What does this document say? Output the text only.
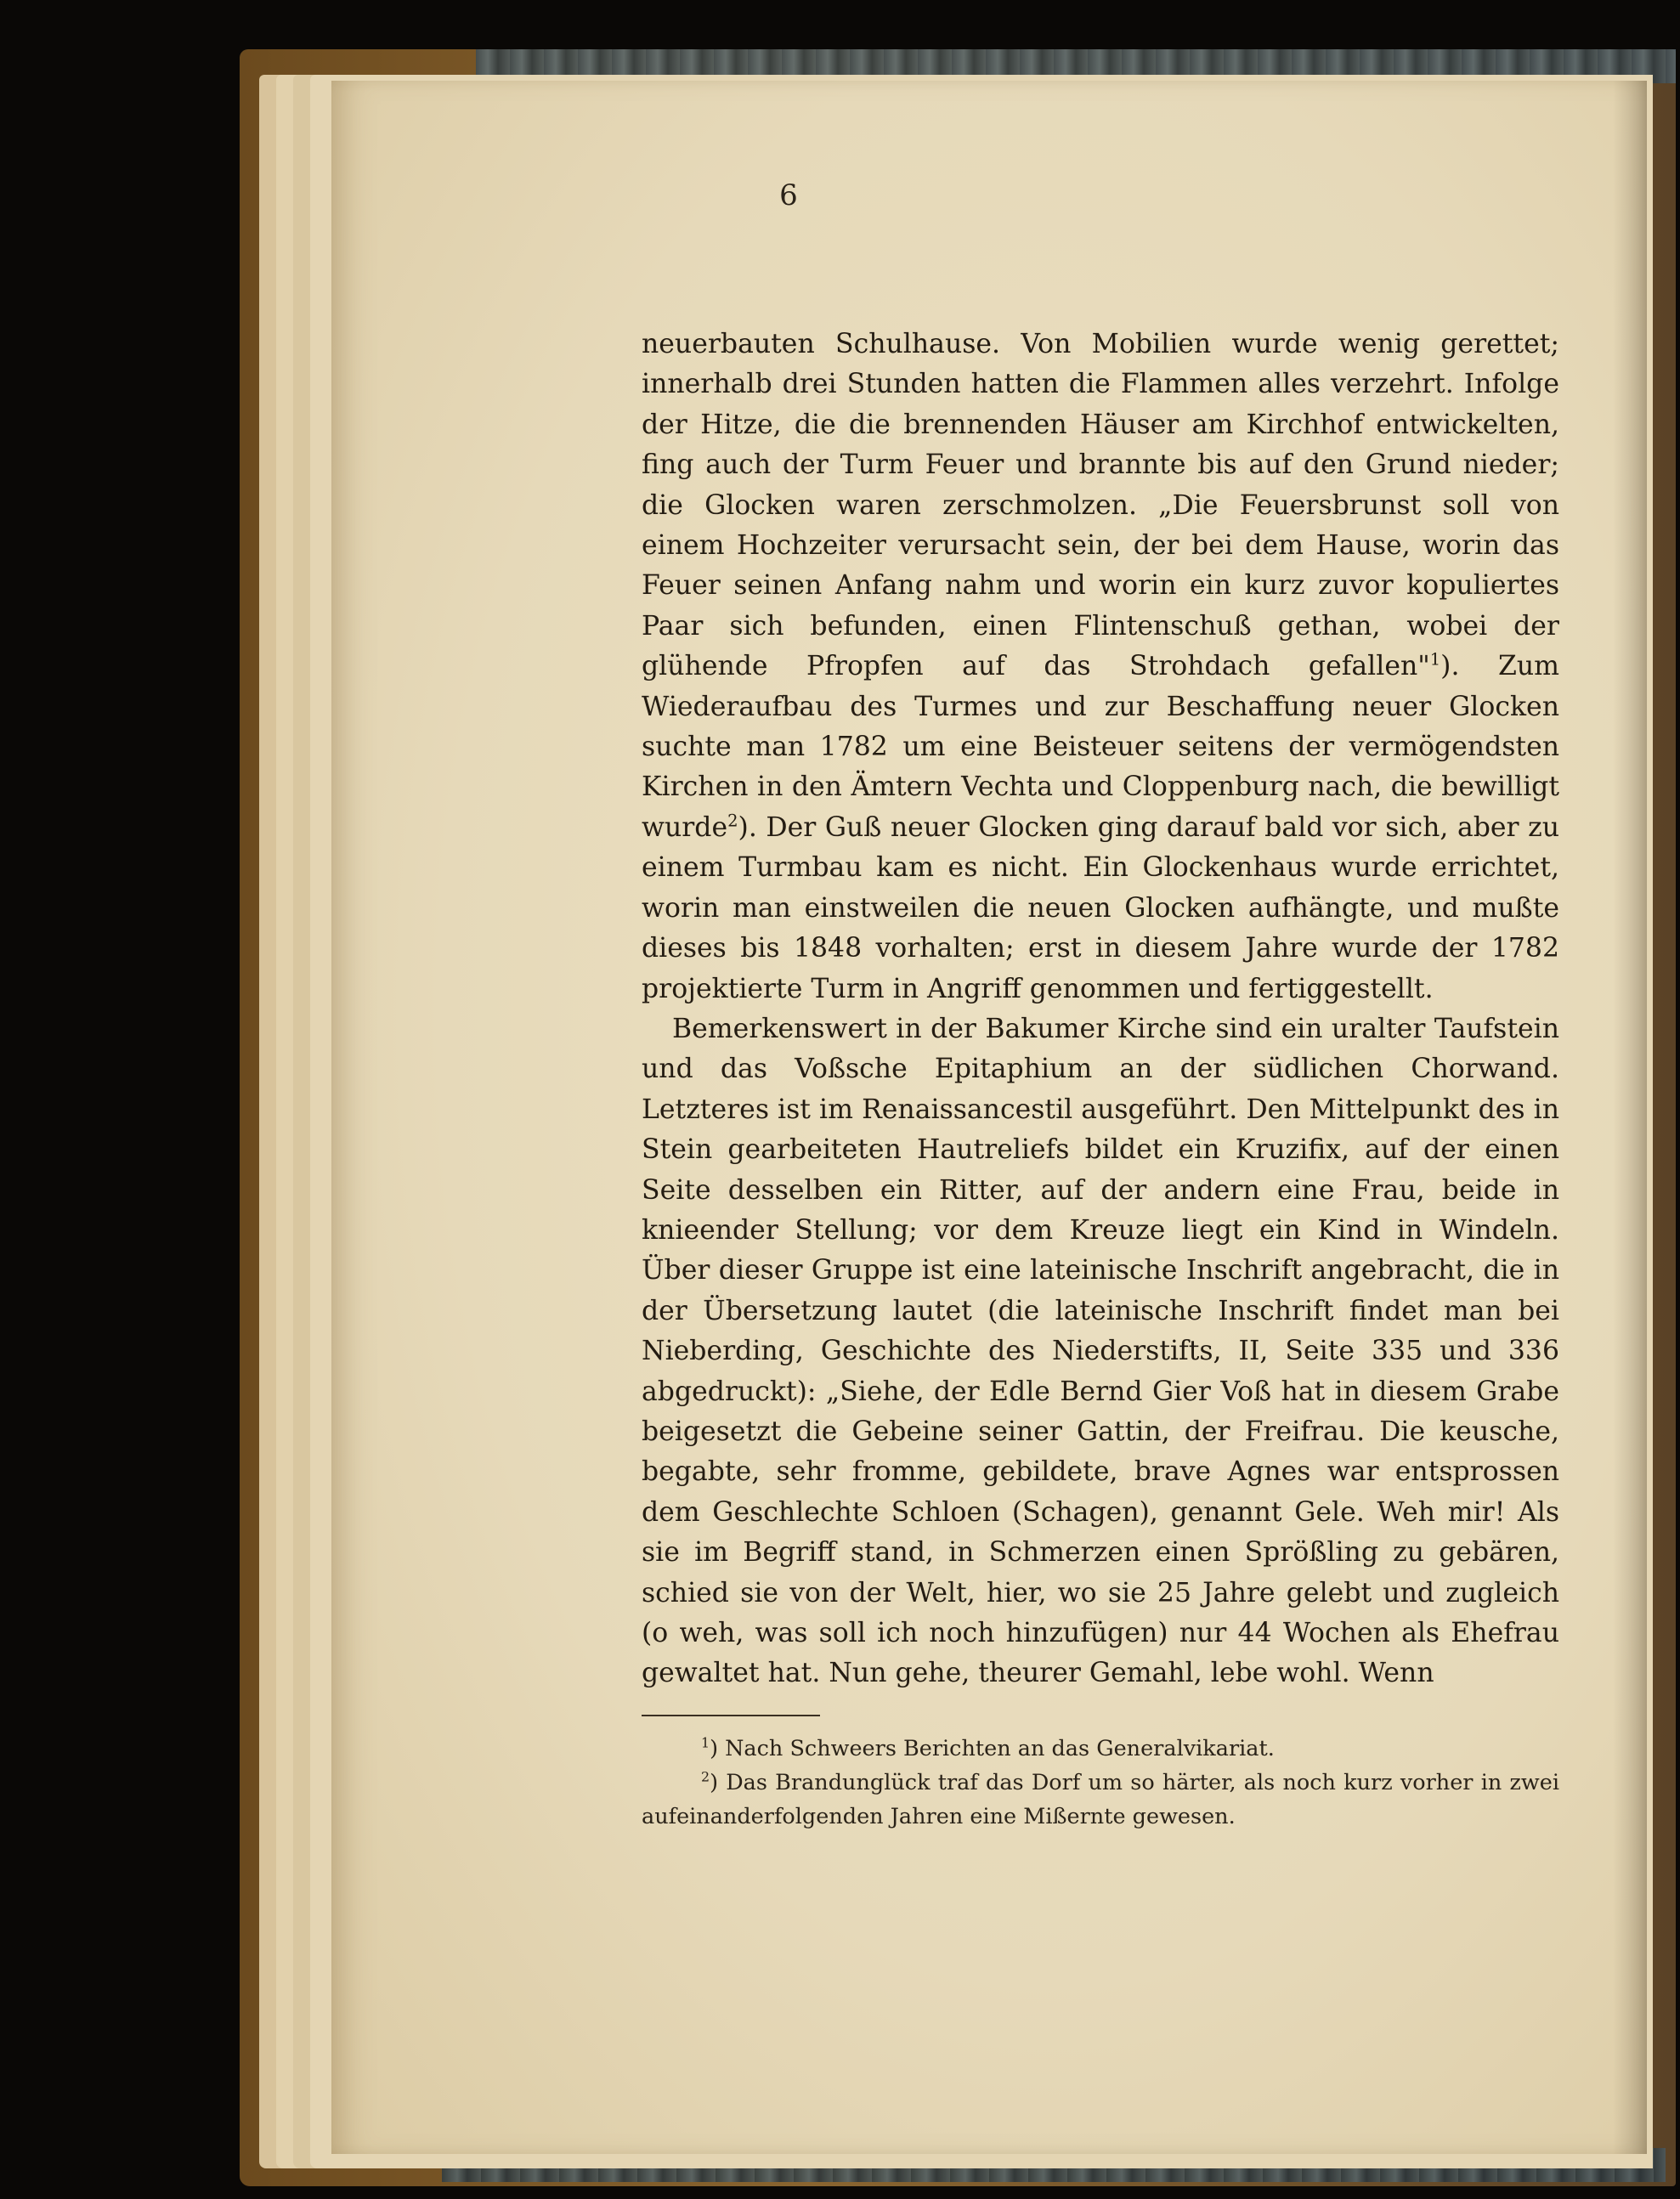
6

neuerbauten Schulhause. Von Mobilien wurde wenig gerettet; innerhalb drei Stunden hatten die Flammen alles verzehrt. Infolge der Hitze, die die brennenden Häuser am Kirchhof entwickelten, fing auch der Turm Feuer und brannte bis auf den Grund nieder; die Glocken waren zerschmolzen. „Die Feuersbrunst soll von einem Hochzeiter verursacht sein, der bei dem Hause, worin das Feuer seinen Anfang nahm und worin ein kurz zuvor kopuliertes Paar sich befunden, einen Flintenschuß gethan, wobei der glühende Pfropfen auf das Strohdach gefallen"$^1$). Zum Wiederaufbau des Turmes und zur Beschaffung neuer Glocken suchte man 1782 um eine Beisteuer seitens der vermögendsten Kirchen in den Ämtern Vechta und Cloppenburg nach, die bewilligt wurde$^2$). Der Guß neuer Glocken ging darauf bald vor sich, aber zu einem Turmbau kam es nicht. Ein Glockenhaus wurde errichtet, worin man einstweilen die neuen Glocken aufhängte, und mußte dieses bis 1848 vorhalten; erst in diesem Jahre wurde der 1782 projektierte Turm in Angriff genommen und fertiggestellt.

Bemerkenswert in der Bakumer Kirche sind ein uralter Taufstein und das Voßsche Epitaphium an der südlichen Chorwand. Letzteres ist im Renaissancestil ausgeführt. Den Mittelpunkt des in Stein gearbeiteten Hautreliefs bildet ein Kruzifix, auf der einen Seite desselben ein Ritter, auf der andern eine Frau, beide in knieender Stellung; vor dem Kreuze liegt ein Kind in Windeln. Über dieser Gruppe ist eine lateinische Inschrift angebracht, die in der Übersetzung lautet (die lateinische Inschrift findet man bei Nieberding, Geschichte des Niederstifts, II, Seite 335 und 336 abgedruckt): „Siehe, der Edle Bernd Gier Voß hat in diesem Grabe beigesetzt die Gebeine seiner Gattin, der Freifrau. Die keusche, begabte, sehr fromme, gebildete, brave Agnes war entsprossen dem Geschlechte Schloen (Schagen), genannt Gele. Weh mir! Als sie im Begriff stand, in Schmerzen einen Sprößling zu gebären, schied sie von der Welt, hier, wo sie 25 Jahre gelebt und zugleich (o weh, was soll ich noch hinzufügen) nur 44 Wochen als Ehefrau gewaltet hat. Nun gehe, theurer Gemahl, lebe wohl. Wenn

$^1$) Nach Schweers Berichten an das Generalvikariat.

$^2$) Das Brandunglück traf das Dorf um so härter, als noch kurz vorher in zwei aufeinanderfolgenden Jahren eine Mißernte gewesen.
